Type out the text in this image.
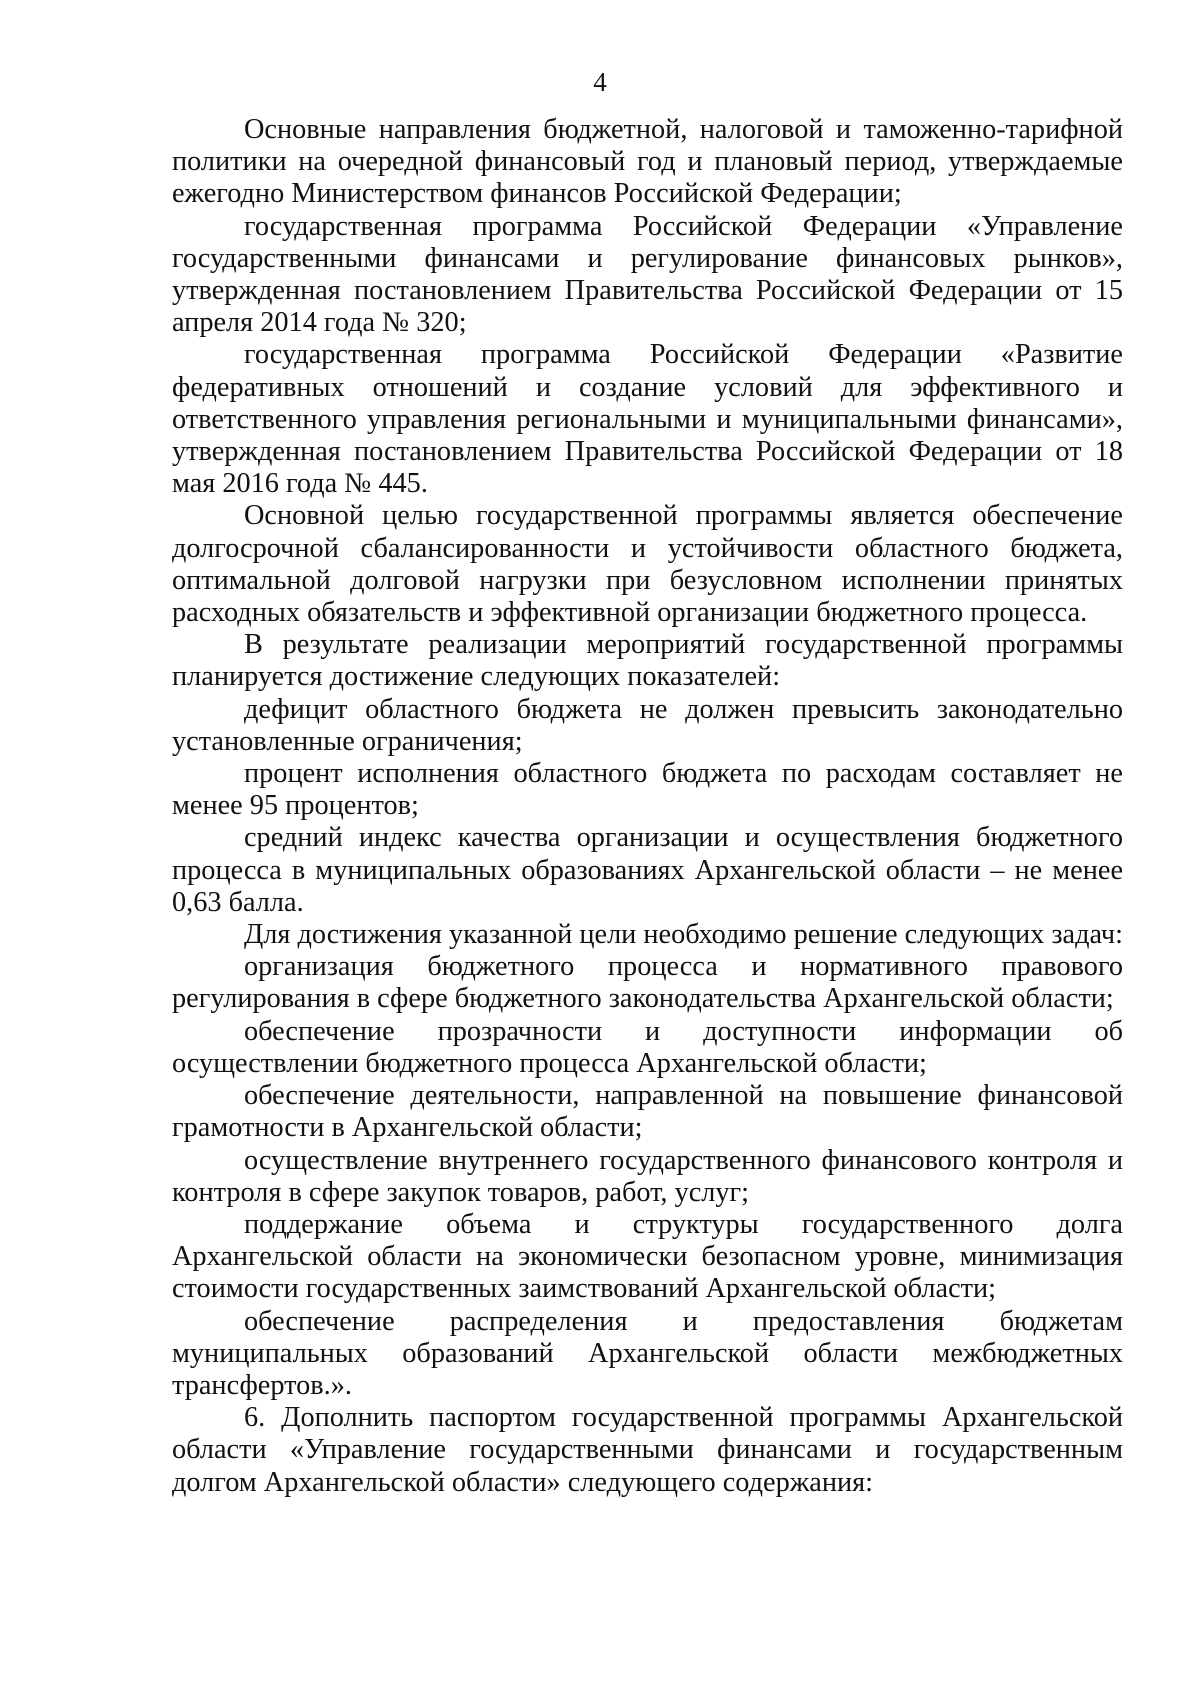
4

Основные направления бюджетной, налоговой и таможенно-тарифной политики на очередной финансовый год и плановый период, утверждаемые ежегодно Министерством финансов Российской Федерации;

государственная программа Российской Федерации «Управление государственными финансами и регулирование финансовых рынков», утвержденная постановлением Правительства Российской Федерации от 15 апреля 2014 года № 320;

государственная программа Российской Федерации «Развитие федеративных отношений и создание условий для эффективного и ответственного управления региональными и муниципальными финансами», утвержденная постановлением Правительства Российской Федерации от 18 мая 2016 года № 445.

Основной целью государственной программы является обеспечение долгосрочной сбалансированности и устойчивости областного бюджета, оптимальной долговой нагрузки при безусловном исполнении принятых расходных обязательств и эффективной организации бюджетного процесса.

В результате реализации мероприятий государственной программы планируется достижение следующих показателей:

дефицит областного бюджета не должен превысить законодательно установленные ограничения;

процент исполнения областного бюджета по расходам составляет не менее 95 процентов;

средний индекс качества организации и осуществления бюджетного процесса в муниципальных образованиях Архангельской области – не менее 0,63 балла.

Для достижения указанной цели необходимо решение следующих задач:

организация бюджетного процесса и нормативного правового регулирования в сфере бюджетного законодательства Архангельской области;

обеспечение прозрачности и доступности информации об осуществлении бюджетного процесса Архангельской области;

обеспечение деятельности, направленной на повышение финансовой грамотности в Архангельской области;

осуществление внутреннего государственного финансового контроля и контроля в сфере закупок товаров, работ, услуг;

поддержание объема и структуры государственного долга Архангельской области на экономически безопасном уровне, минимизация стоимости государственных заимствований Архангельской области;

обеспечение распределения и предоставления бюджетам муниципальных образований Архангельской области межбюджетных трансфертов.».

6. Дополнить паспортом государственной программы Архангельской области «Управление государственными финансами и государственным долгом Архангельской области» следующего содержания:
